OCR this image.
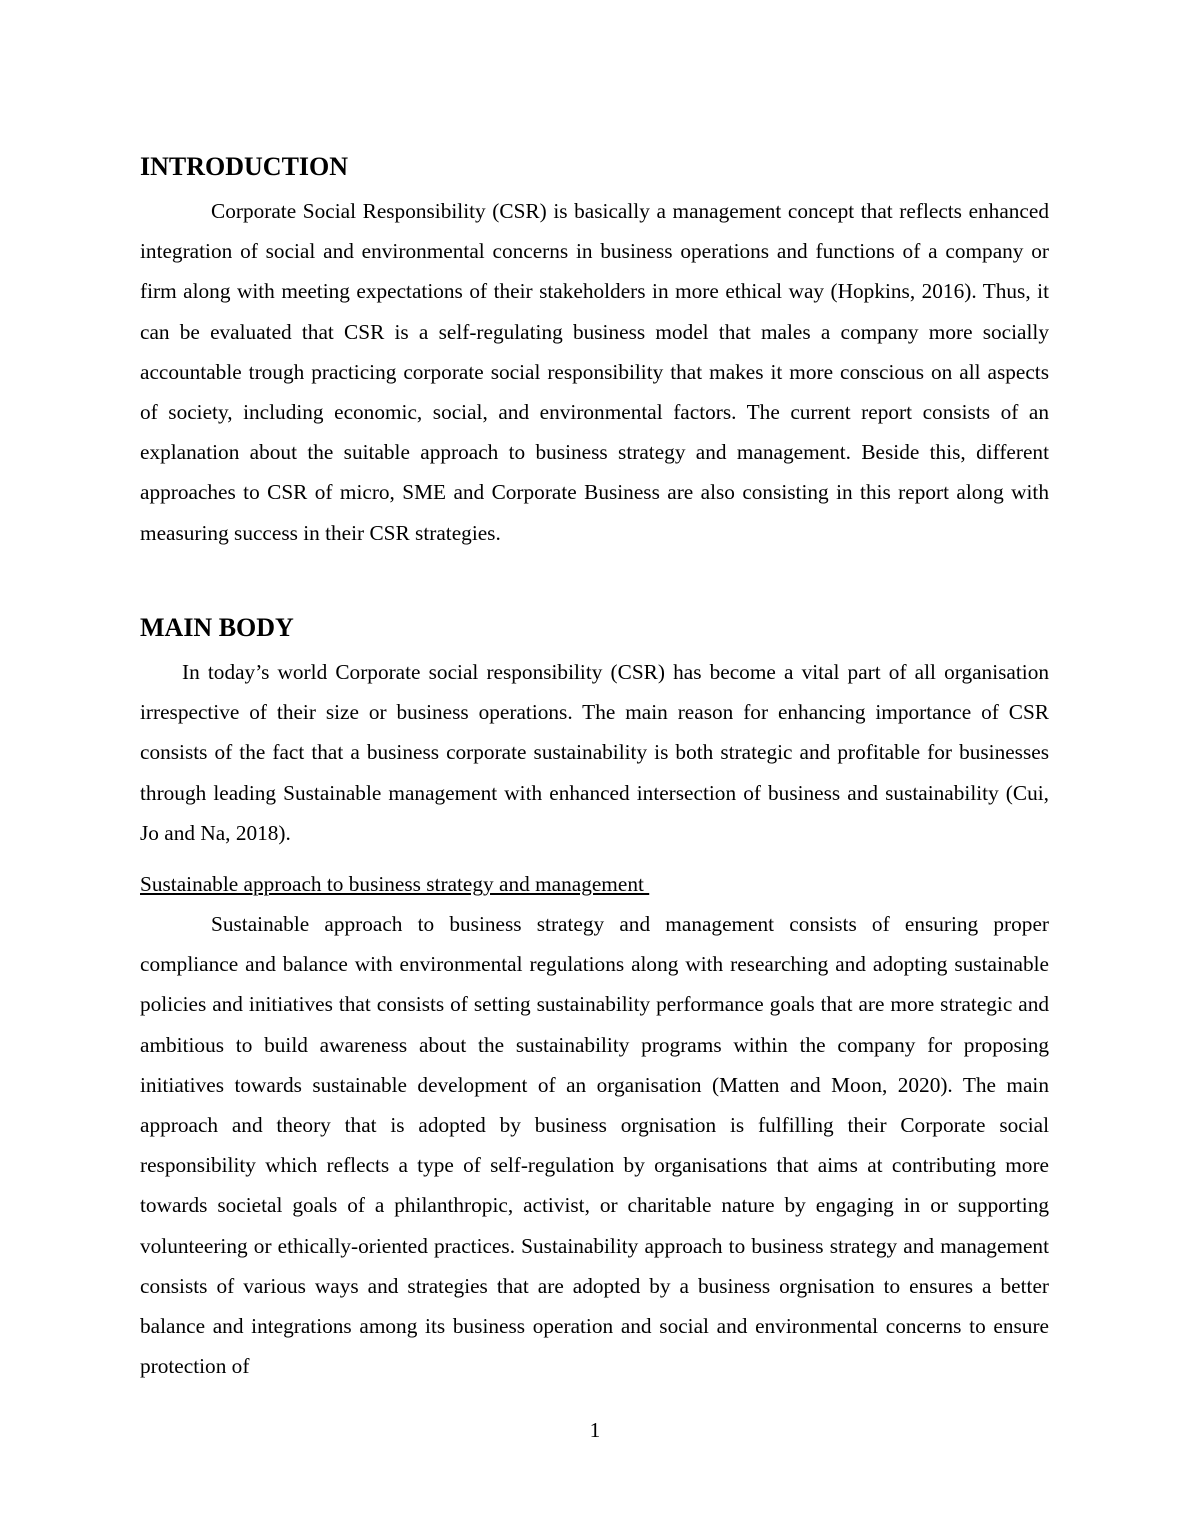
INTRODUCTION

Corporate Social Responsibility (CSR) is basically a management concept that reflects enhanced integration of social and environmental concerns in business operations and functions of a company or firm along with meeting expectations of their stakeholders in more ethical way (Hopkins, 2016). Thus, it can be evaluated that CSR is a self-regulating business model that males a company more socially accountable trough practicing corporate social responsibility that makes it more conscious on all aspects of society, including economic, social, and environmental factors. The current report consists of an explanation about the suitable approach to business strategy and management. Beside this, different approaches to CSR of micro, SME and Corporate Business are also consisting in this report along with measuring success in their CSR strategies.

MAIN BODY

In today’s world Corporate social responsibility (CSR) has become a vital part of all organisation irrespective of their size or business operations. The main reason for enhancing importance of CSR consists of the fact that a business corporate sustainability is both strategic and profitable for businesses through leading Sustainable management with enhanced intersection of business and sustainability (Cui, Jo and Na, 2018).

Sustainable approach to business strategy and management

Sustainable approach to business strategy and management consists of ensuring proper compliance and balance with environmental regulations along with researching and adopting sustainable policies and initiatives that consists of setting sustainability performance goals that are more strategic and ambitious to build awareness about the sustainability programs within the company for proposing initiatives towards sustainable development of an organisation (Matten and Moon, 2020). The main approach and theory that is adopted by business orgnisation is fulfilling their Corporate social responsibility which reflects a type of self-regulation by organisations that aims at contributing more towards societal goals of a philanthropic, activist, or charitable nature by engaging in or supporting volunteering or ethically-oriented practices. Sustainability approach to business strategy and management consists of various ways and strategies that are adopted by a business orgnisation to ensures a better balance and integrations among its business operation and social and environmental concerns to ensure protection of

1
